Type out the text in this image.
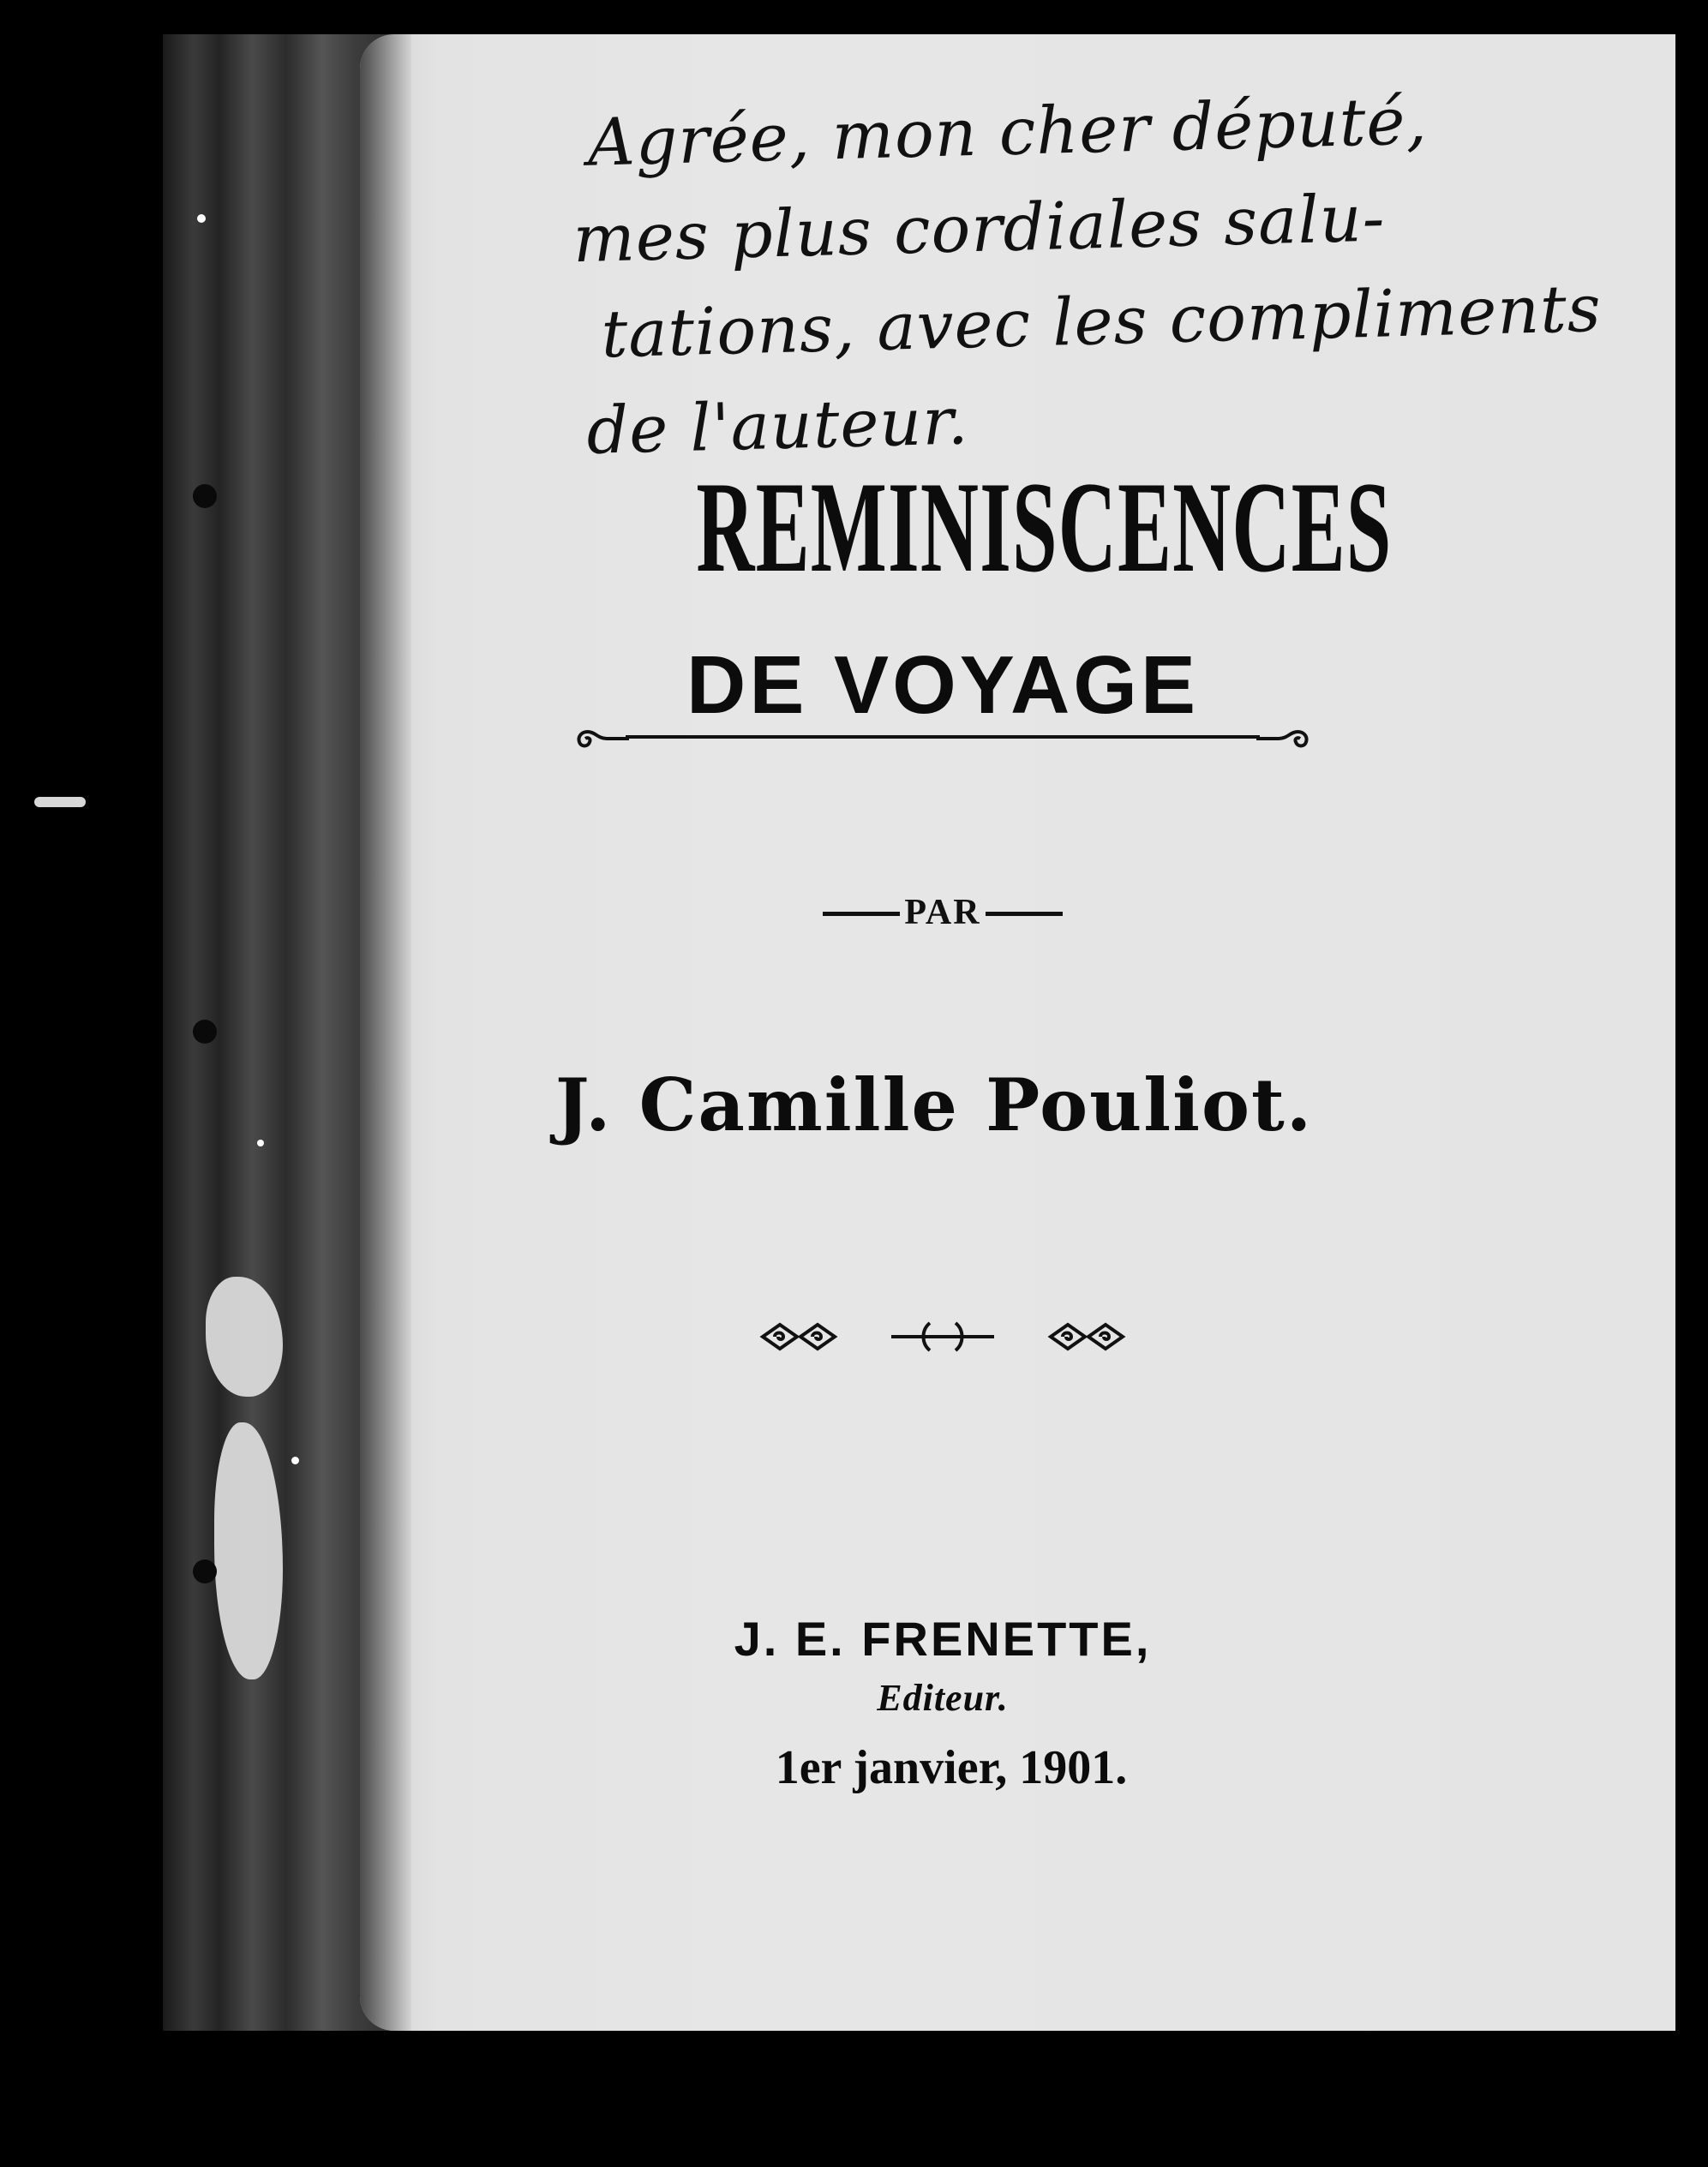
Agrée, mon cher député,
mes plus cordiales salu-
tations, avec les compliments
de l'auteur.
REMINISCENCES
DE VOYAGE
PAR
J. Camille Pouliot.
J. E. FRENETTE,
Editeur.
1er janvier, 1901.
